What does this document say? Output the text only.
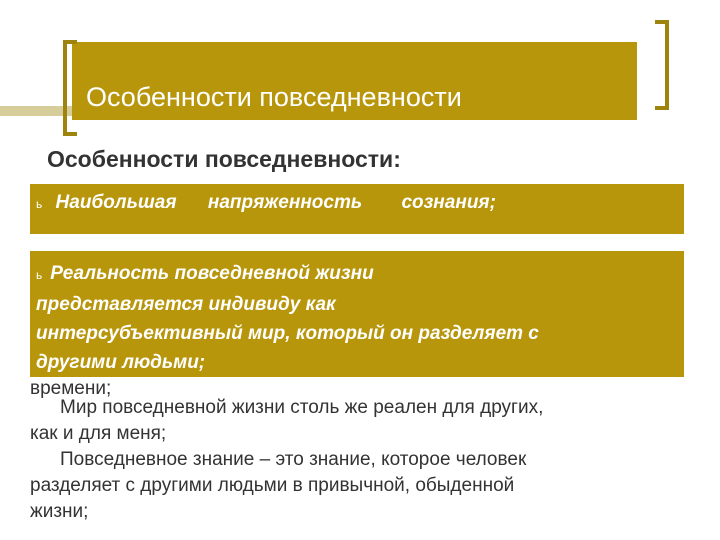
Особенности повседневности
Особенности повседневности:
ь Наибольшая напряженность сознания;
ь Реальность повседневной жизни
представляется индивиду как
интерсубъективный мир, который он разделяет с
другими людьми;
времени;
Мир повседневной жизни столь же реален для других,
как и для меня;
Повседневное знание – это знание, которое человек
разделяет с другими людьми в привычной, обыденной
жизни;
